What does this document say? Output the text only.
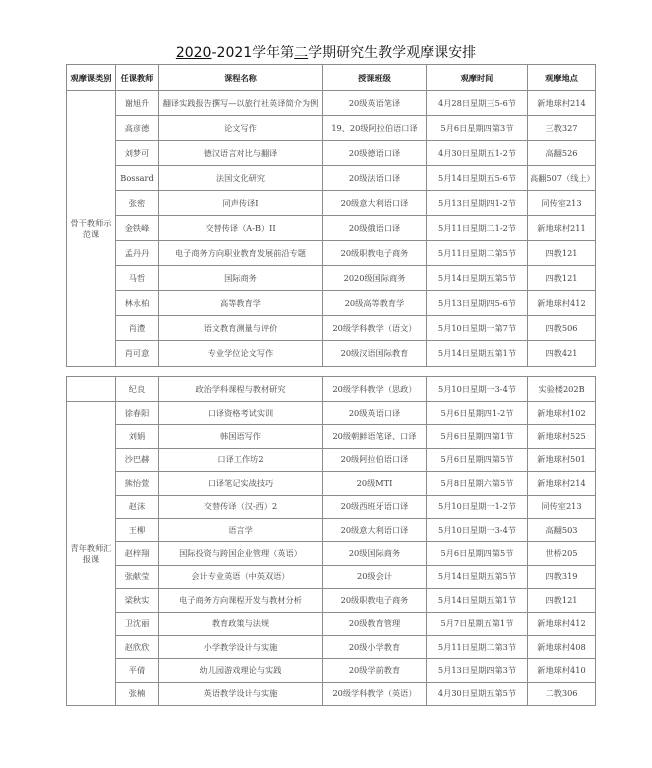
2020-2021学年第二学期研究生教学观摩课安排
观摩课类别	任课教师	课程名称	授课班级	观摩时间	观摩地点
骨干教师示范课	谢旭升	翻译实践报告撰写—以旅行社英译简介为例	20级英语笔译	4月28日星期三5-6节	新地球村214
	高彦德	论文写作	19、20级阿拉伯语口译	5月6日星期四第3节	三教327
	刘梦可	德汉语言对比与翻译	20级德语口译	4月30日星期五1-2节	高翻526
	Bossard	法国文化研究	20级法语口译	5月14日星期五5-6节	高翻507（线上）
	张密	同声传译I	20级意大利语口译	5月13日星期四1-2节	同传室213
	金铁峰	交替传译（A-B）II	20级俄语口译	5月11日星期二1-2节	新地球村211
	孟丹丹	电子商务方向职业教育发展前沿专题	20级职教电子商务	5月11日星期二第5节	四教121
	马哲	国际商务	2020级国际商务	5月14日星期五第5节	四教121
	林永柏	高等教育学	20级高等教育学	5月13日星期四5-6节	新地球村412
	肖澧	语文教育测量与评价	20级学科教学（语文）	5月10日星期一第7节	四教506
	肖可意	专业学位论文写作	20级汉语国际教育	5月14日星期五第1节	四教421
	纪良	政治学科课程与教材研究	20级学科教学（思政）	5月10日星期一3-4节	实验楼202B
青年教师汇报课	徐春阳	口译资格考试实训	20级英语口译	5月6日星期四1-2节	新地球村102
	刘娟	韩国语写作	20级朝鲜语笔译、口译	5月6日星期四第1节	新地球村525
	沙巴赫	口译工作坊2	20级阿拉伯语口译	5月6日星期四第5节	新地球村501
	熊怡萱	口译笔记实战技巧	20级MTI	5月8日星期六第5节	新地球村214
	赵沫	交替传译（汉-西）2	20级西班牙语口译	5月10日星期一1-2节	同传室213
	王柳	语言学	20级意大利语口译	5月10日星期一3-4节	高翻503
	赵梓翔	国际投资与跨国企业管理（英语）	20级国际商务	5月6日星期四第5节	世桥205
	张献莹	会计专业英语（中英双语）	20级会计	5月14日星期五第5节	四教319
	梁秋实	电子商务方向课程开发与教材分析	20级职教电子商务	5月14日星期五第1节	四教121
	卫沈丽	教育政策与法规	20级教育管理	5月7日星期五第1节	新地球村412
	赵欣欣	小学教学设计与实施	20级小学教育	5月11日星期二第3节	新地球村408
	平倩	幼儿园游戏理论与实践	20级学前教育	5月13日星期四第3节	新地球村410
	张楠	英语教学设计与实施	20级学科教学（英语）	4月30日星期五第5节	二教306
